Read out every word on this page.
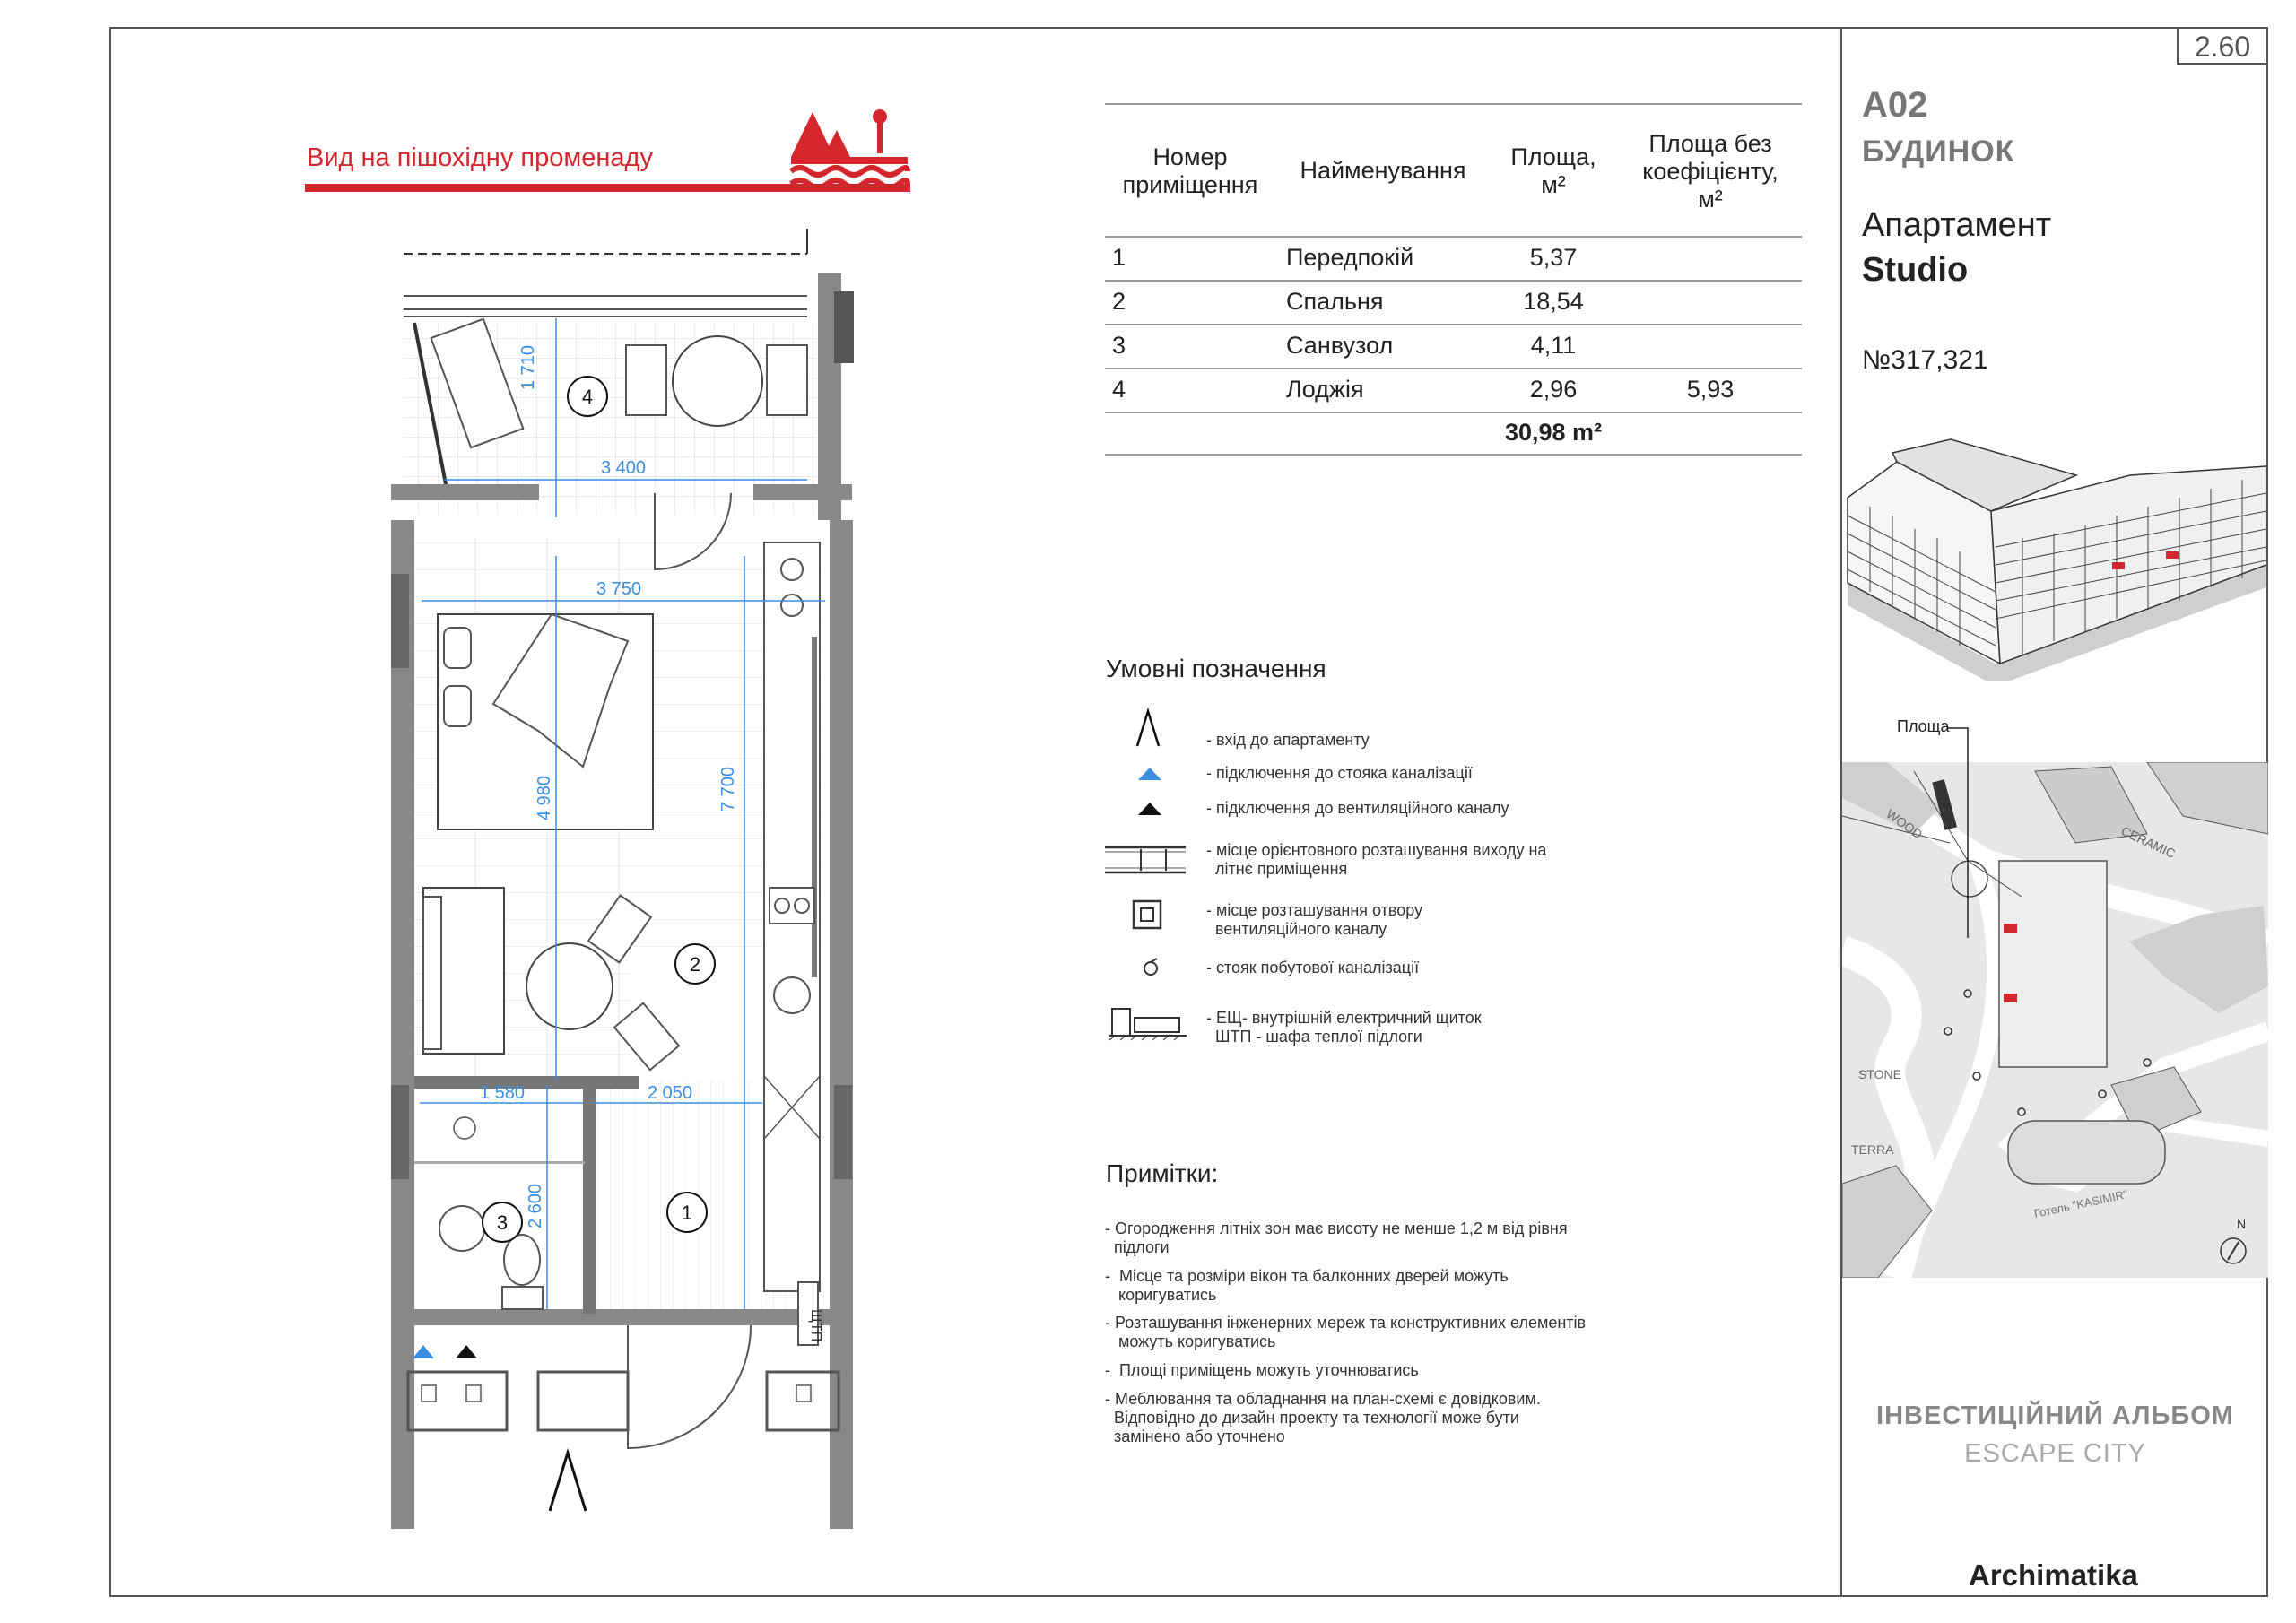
2.60
Вид на пішохідну променаду
1 710
3 400
3 750
4 980	7 700
1 580	2 050
2 600
4
2
3	1
ЩТП
Номер
приміщення
Найменування	Площа,
м²
Площа без
коефіцієнту,
м²
1	Передпокій	5,37
2	Спальня	18,54
3	Санвузол	4,11
4	Лоджія	2,96	5,93
30,98 m²
Умовні позначення
- вхід до апартаменту
- підключення до стояка каналізації
- підключення до вентиляційного каналу
- місце орієнтовного розташування виходу на
літнє приміщення
- місце розташування отвору
вентиляційного каналу
- стояк побутової каналізації
- ЕЩ- внутрішній електричний щиток
ШТП - шафа теплої підлоги
Примітки:
- Огородження літніх зон має висоту не менше 1,2 м від рівня
підлоги
-  Місце та розміри вікон та балконних дверей можуть
коригуватись
- Розташування інженерних мереж та конструктивних елементів
можуть коригуватись
-  Площі приміщень можуть уточнюватись
- Меблювання та обладнання на план-схемі є довідковим.
Відповідно до дизайн проекту та технології може бути
замінено або уточнено
А02
БУДИНОК
Апартамент
Studio
№317,321
WOOD	CERAMIC
STONE
TERRA
Готель "KASIMIR"
N
Площа
ІНВЕСТИЦІЙНИЙ АЛЬБОМ
ESCAPE CITY
Archimatika
